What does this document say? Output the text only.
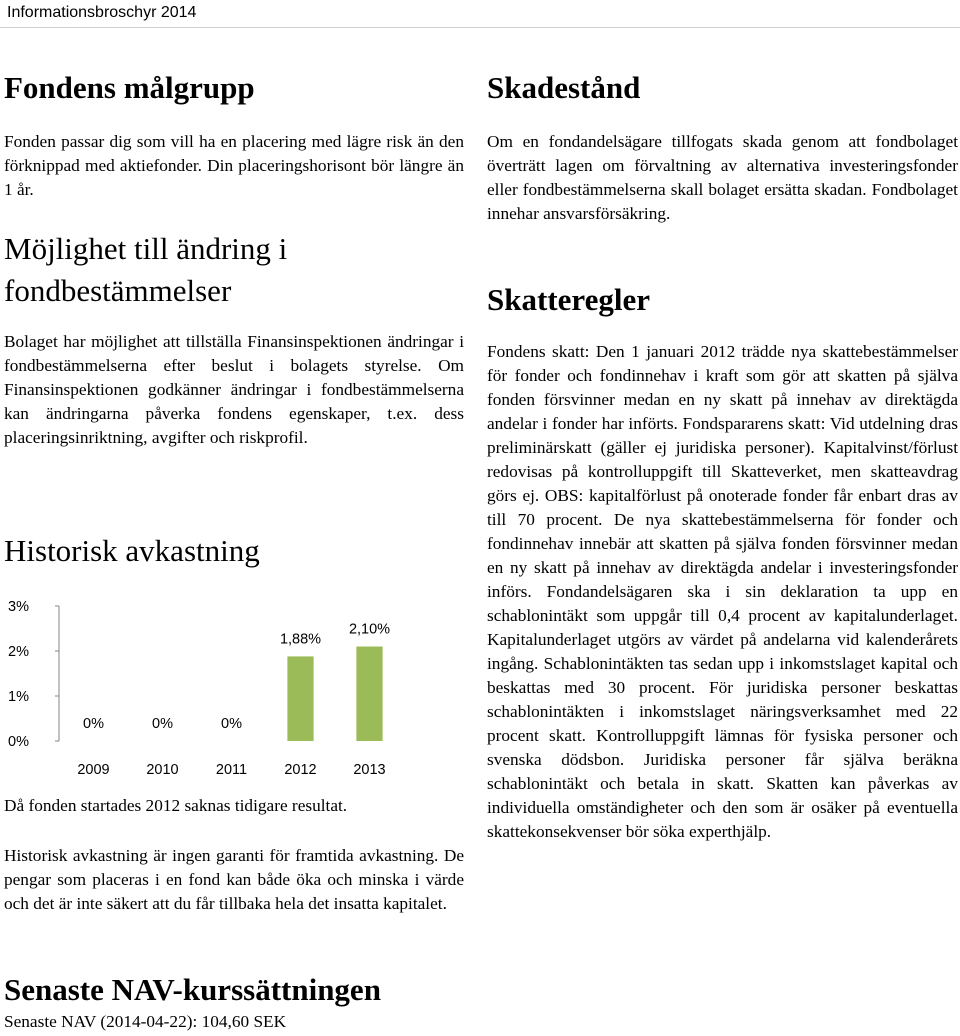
Informationsbroschyr 2014
Fondens målgrupp

Fonden passar dig som vill ha en placering med lägre risk än den förknippad med aktiefonder. Din placeringshorisont bör längre än 1 år.

Möjlighet till ändring i
fondbestämmelser

Bolaget har möjlighet att tillställa Finansinspektionen ändringar i fondbestämmelserna efter beslut i bolagets styrelse. Om Finansinspektionen godkänner ändringar i fondbestämmelserna kan ändringarna påverka fondens egenskaper, t.ex. dess placeringsinriktning, avgifter och riskprofil.

Historisk avkastning
0%
1%
2%
3%
0%
2009
0%
2010
0%
2011
1,88%
2012
2,10%
2013

Då fonden startades 2012 saknas tidigare resultat.

Historisk avkastning är ingen garanti för framtida avkastning. De pengar som placeras i en fond kan både öka och minska i värde och det är inte säkert att du får tillbaka hela det insatta kapitalet.

Senaste NAV-kurssättningen

Senaste NAV (2014-04-22): 104,60 SEK

Skadestånd

Om en fondandelsägare tillfogats skada genom att fondbolaget överträtt lagen om förvaltning av alternativa investeringsfonder eller fondbestämmelserna skall bolaget ersätta skadan. Fondbolaget innehar ansvarsförsäkring.

Skatteregler

Fondens skatt: Den 1 januari 2012 trädde nya skattebestämmelser för fonder och fondinnehav i kraft som gör att skatten på själva fonden försvinner medan en ny skatt på innehav av direktägda andelar i fonder har införts. Fondspararens skatt: Vid utdelning dras preliminärskatt (gäller ej juridiska personer). Kapitalvinst/förlust redovisas på kontrolluppgift till Skatteverket, men skatteavdrag görs ej. OBS: kapitalförlust på onoterade fonder får enbart dras av till 70 procent. De nya skattebestämmelserna för fonder och fondinnehav innebär att skatten på själva fonden försvinner medan en ny skatt på innehav av direktägda andelar i investeringsfonder införs. Fondandelsägaren ska i sin deklaration ta upp en schablonintäkt som uppgår till 0,4 procent av kapitalunderlaget. Kapitalunderlaget utgörs av värdet på andelarna vid kalenderårets ingång. Schablonintäkten tas sedan upp i inkomstslaget kapital och beskattas med 30 procent. För juridiska personer beskattas schablonintäkten i inkomstslaget näringsverksamhet med 22 procent skatt. Kontrolluppgift lämnas för fysiska personer och svenska dödsbon. Juridiska personer får själva beräkna schablonintäkt och betala in skatt. Skatten kan påverkas av individuella omständigheter och den som är osäker på eventuella skattekonsekvenser bör söka experthjälp.
